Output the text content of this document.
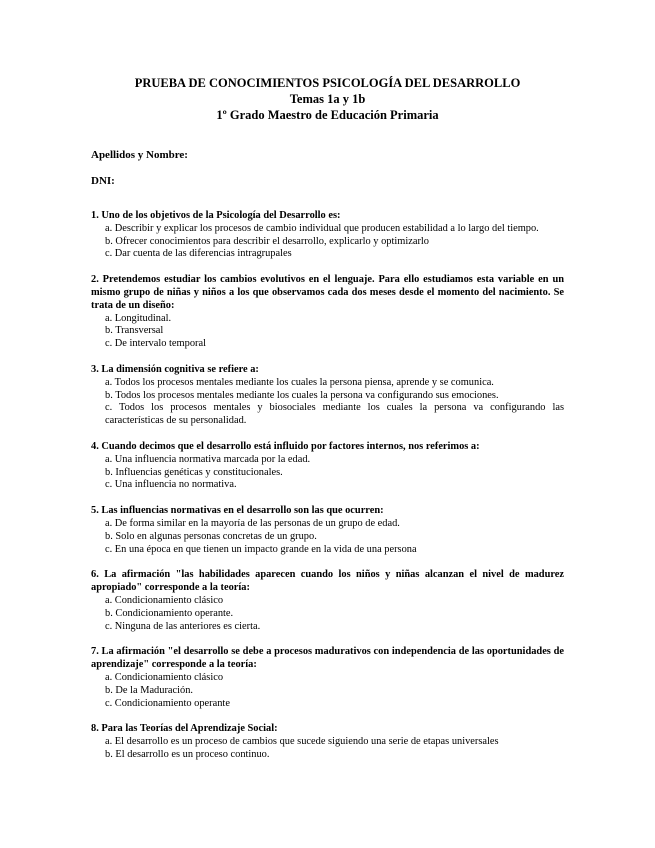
PRUEBA DE CONOCIMIENTOS PSICOLOGÍA DEL DESARROLLO
Temas 1a y 1b
1º Grado Maestro de Educación Primaria
Apellidos y Nombre:
DNI:
1. Uno de los objetivos de la Psicología del Desarrollo es:
a. Describir y explicar los procesos de cambio individual que producen estabilidad a lo largo del tiempo.
b. Ofrecer conocimientos para describir el desarrollo, explicarlo y optimizarlo
c. Dar cuenta de las diferencias intragrupales
2. Pretendemos estudiar los cambios evolutivos en el lenguaje. Para ello estudiamos esta variable en un mismo grupo de niñas y niños a los que observamos cada dos meses desde el momento del nacimiento. Se trata de un diseño:
a. Longitudinal.
b. Transversal
c. De intervalo temporal
3. La dimensión cognitiva se refiere a:
a. Todos los procesos mentales mediante los cuales la persona piensa, aprende y se comunica.
b. Todos los procesos mentales mediante los cuales la persona va configurando sus emociones.
c. Todos los procesos mentales y biosociales mediante los cuales la persona va configurando las características de su personalidad.
4. Cuando decimos que el desarrollo está influido por factores internos, nos referimos a:
a. Una influencia normativa marcada por la edad.
b. Influencias genéticas y constitucionales.
c. Una influencia no normativa.
5. Las influencias normativas en el desarrollo son las que ocurren:
a. De forma similar en la mayoría de las personas de un grupo de edad.
b. Solo en algunas personas concretas de un grupo.
c. En una época en que tienen un impacto grande en la vida de una persona
6. La afirmación "las habilidades aparecen cuando los niños y niñas alcanzan el nivel de madurez apropiado" corresponde a la teoría:
a. Condicionamiento clásico
b. Condicionamiento operante.
c. Ninguna de las anteriores es cierta.
7. La afirmación "el desarrollo se debe a procesos madurativos con independencia de las oportunidades de aprendizaje" corresponde a la teoría:
a. Condicionamiento clásico
b. De la Maduración.
c. Condicionamiento operante
8. Para las Teorías del Aprendizaje Social:
a. El desarrollo es un proceso de cambios que sucede siguiendo una serie de etapas universales
b. El desarrollo es un proceso continuo.
